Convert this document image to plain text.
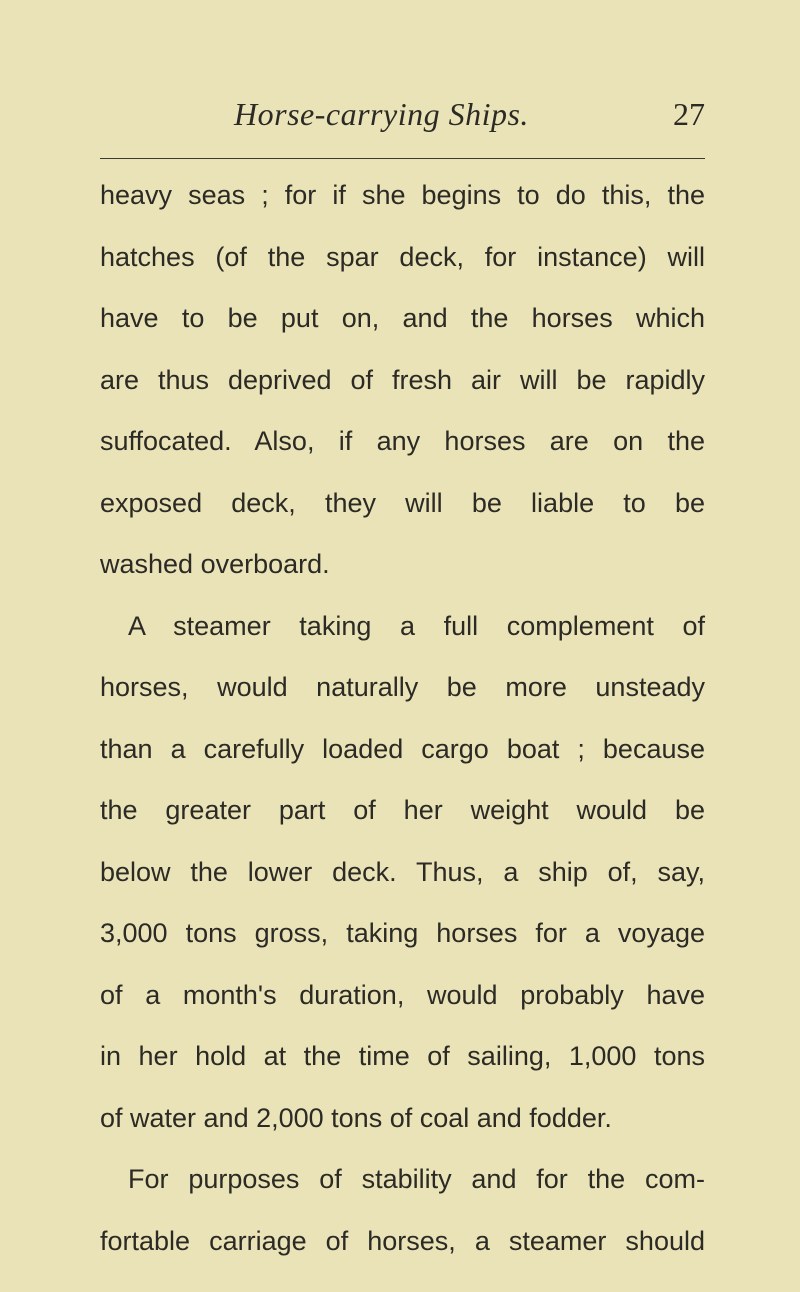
Horse-carrying Ships.	27
heavy seas ; for if she begins to do this, the
hatches (of the spar deck, for instance) will
have to be put on, and the horses which
are thus deprived of fresh air will be rapidly
suffocated. Also, if any horses are on the
exposed deck, they will be liable to be
washed overboard.
A steamer taking a full complement of
horses, would naturally be more unsteady
than a carefully loaded cargo boat ; because
the greater part of her weight would be
below the lower deck. Thus, a ship of, say,
3,000 tons gross, taking horses for a voyage
of a month's duration, would probably have
in her hold at the time of sailing, 1,000 tons
of water and 2,000 tons of coal and fodder.
For purposes of stability and for the com-
fortable carriage of horses, a steamer should
